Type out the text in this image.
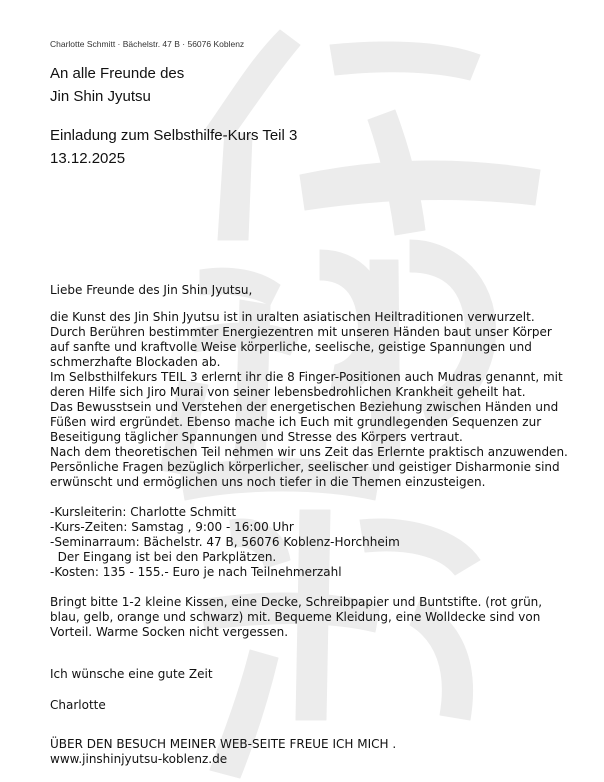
Charlotte Schmitt · Bächelstr. 47 B · 56076 Koblenz
An alle Freunde des
Jin Shin Jyutsu
Einladung zum Selbsthilfe-Kurs Teil 3
13.12.2025

Liebe Freunde des Jin Shin Jyutsu,

die Kunst des Jin Shin Jyutsu ist in uralten asiatischen Heiltraditionen verwurzelt. Durch Berühren bestimmter Energiezentren mit unseren Händen baut unser Körper auf sanfte und kraftvolle Weise körperliche, seelische, geistige Spannungen und schmerzhafte Blockaden ab.

Im Selbsthilfekurs TEIL 3 erlernt ihr die 8 Finger-Positionen auch Mudras genannt, mit deren Hilfe sich Jiro Murai von seiner lebensbedrohlichen Krankheit geheilt hat.

Das Bewusstsein und Verstehen der energetischen Beziehung zwischen Händen und Füßen wird ergründet. Ebenso mache ich Euch mit grundlegenden Sequenzen zur Beseitigung täglicher Spannungen und Stresse des Körpers vertraut.

Nach dem theoretischen Teil nehmen wir uns Zeit das Erlernte praktisch anzuwenden. Persönliche Fragen bezüglich körperlicher, seelischer und geistiger Disharmonie sind erwünscht und ermöglichen uns noch tiefer in die Themen einzusteigen.

-Kursleiterin: Charlotte Schmitt

-Kurs-Zeiten: Samstag , 9:00 - 16:00 Uhr

-Seminarraum: Bächelstr. 47 B, 56076 Koblenz-Horchheim

Der Eingang ist bei den Parkplätzen.

-Kosten: 135 - 155.- Euro je nach Teilnehmerzahl

Bringt bitte 1-2 kleine Kissen, eine Decke, Schreibpapier und Buntstifte. (rot grün, blau, gelb, orange und schwarz) mit. Bequeme Kleidung, eine Wolldecke sind von Vorteil. Warme Socken nicht vergessen.

Ich wünsche eine gute Zeit

Charlotte

ÜBER DEN BESUCH MEINER WEB-SEITE FREUE ICH MICH .
www.jinshinjyutsu-koblenz.de
